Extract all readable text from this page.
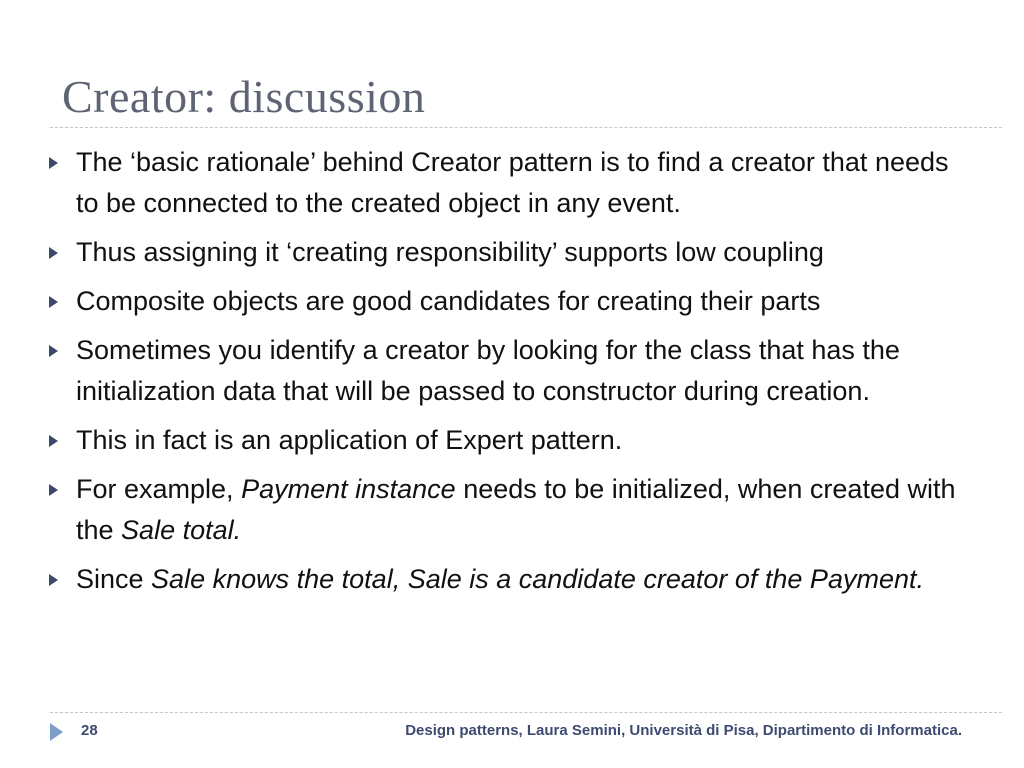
Creator: discussion
The ‘basic rationale’ behind Creator pattern is to find a creator that needs to be connected to the created object in any event.
Thus assigning it ‘creating responsibility’ supports low coupling
Composite objects are good candidates for creating their parts
Sometimes you identify a creator by looking for the class that has the initialization data that will be passed to constructor during creation.
This in fact is an application of Expert pattern.
For example, Payment instance needs to be initialized, when created with the Sale total.
Since Sale knows the total, Sale is a candidate creator of the Payment.
28	Design patterns, Laura Semini, Università di Pisa, Dipartimento di Informatica.
